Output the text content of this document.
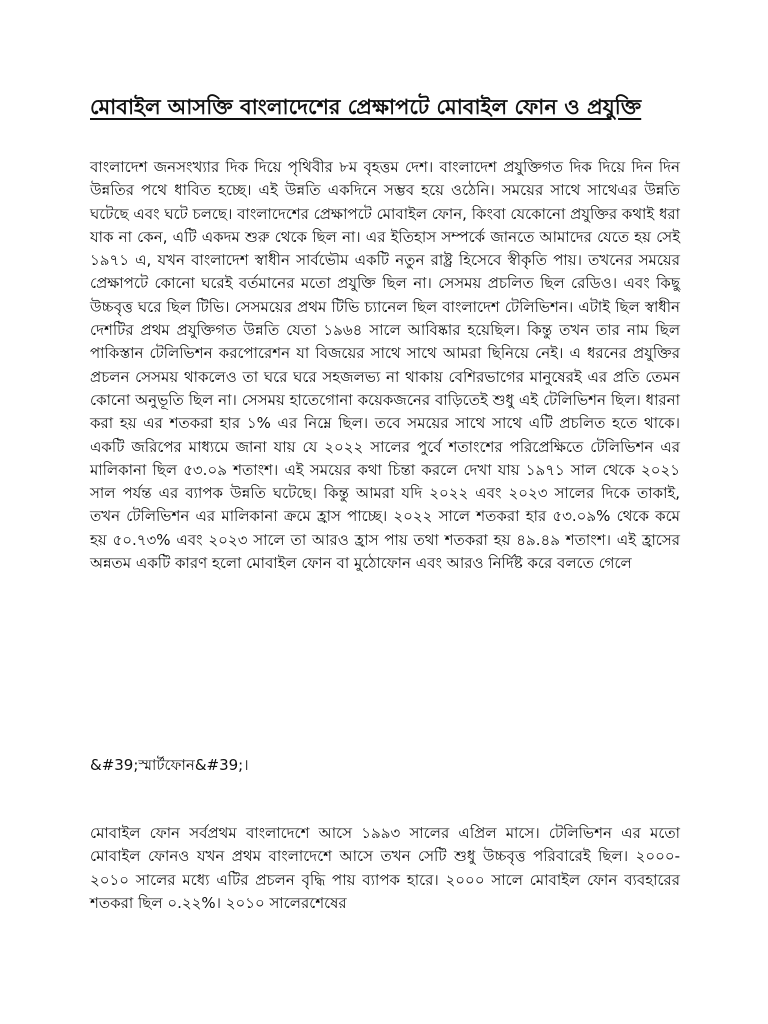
মোবাইল আসক্তি বাংলাদেশের প্রেক্ষাপটে মোবাইল ফোন ও প্রযুক্তি

বাংলাদেশ জনসংখ্যার দিক দিয়ে পৃথিবীর ৮ম বৃহত্তম দেশ। বাংলাদেশ প্রযুক্তিগত দিক দিয়ে দিন দিন উন্নতির পথে ধাবিত হচ্ছে। এই উন্নতি একদিনে সম্ভব হয়ে ওঠেনি। সময়ের সাথে সাথেএর উন্নতি ঘটেছে এবং ঘটে চলছে। বাংলাদেশের প্রেক্ষাপটে মোবাইল ফোন, কিংবা যেকোনো প্রযুক্তির কথাই ধরা যাক না কেন, এটি একদম শুরু থেকে ছিল না। এর ইতিহাস সম্পর্কে জানতে আমাদের যেতে হয় সেই ১৯৭১ এ, যখন বাংলাদেশ স্বাধীন সার্বভৌম একটি নতুন রাষ্ট্র হিসেবে স্বীকৃতি পায়। তখনের সময়ের প্রেক্ষাপটে কোনো ঘরেই বর্তমানের মতো প্রযুক্তি ছিল না। সেসময় প্রচলিত ছিল রেডিও। এবং কিছু উচ্চবৃত্ত ঘরে ছিল টিভি। সেসময়ের প্রথম টিভি চ্যানেল ছিল বাংলাদেশ টেলিভিশন। এটাই ছিল স্বাধীন দেশটির প্রথম প্রযুক্তিগত উন্নতি যেতা ১৯৬৪ সালে আবিষ্কার হয়েছিল। কিন্তু তখন তার নাম ছিল পাকিস্তান টেলিভিশন করপোরেশন যা বিজয়ের সাথে সাথে আমরা ছিনিয়ে নেই। এ ধরনের প্রযুক্তির প্রচলন সেসময় থাকলেও তা ঘরে ঘরে সহজলভ্য না থাকায় বেশিরভাগের মানুষেরই এর প্রতি তেমন কোনো অনুভূতি ছিল না। সেসময় হাতেগোনা কয়েকজনের বাড়িতেই শুধু এই টেলিভিশন ছিল। ধারনা করা হয় এর শতকরা হার ১% এর নিম্নে ছিল। তবে সময়ের সাথে সাথে এটি প্রচলিত হতে থাকে। একটি জরিপের মাধ্যমে জানা যায় যে ২০২২ সালের পুর্বে শতাংশের পরিপ্রেক্ষিতে টেলিভিশন এর মালিকানা ছিল ৫৩.০৯ শতাংশ। এই সময়ের কথা চিন্তা করলে দেখা যায় ১৯৭১ সাল থেকে ২০২১ সাল পর্যন্ত এর ব্যাপক উন্নতি ঘটেছে। কিন্তু আমরা যদি ২০২২ এবং ২০২৩ সালের দিকে তাকাই, তখন টেলিভিশন এর মালিকানা ক্রমে হ্রাস পাচ্ছে। ২০২২ সালে শতকরা হার ৫৩.০৯% থেকে কমে হয় ৫০.৭৩% এবং ২০২৩ সালে তা আরও হ্রাস পায় তথা শতকরা হয় ৪৯.৪৯ শতাংশ। এই হ্রাসের অন্নতম একটি কারণ হলো মোবাইল ফোন বা মুঠোফোন এবং আরও নির্দিষ্ট করে বলতে গেলে

&#39;স্মার্টফোন&#39;।

মোবাইল ফোন সর্বপ্রথম বাংলাদেশে আসে ১৯৯৩ সালের এপ্রিল মাসে। টেলিভিশন এর মতো মোবাইল ফোনও যখন প্রথম বাংলাদেশে আসে তখন সেটি শুধু উচ্চবৃত্ত পরিবারেই ছিল। ২০০০- ২০১০ সালের মধ্যে এটির প্রচলন বৃদ্ধি পায় ব্যাপক হারে। ২০০০ সালে মোবাইল ফোন ব্যবহারের শতকরা ছিল ০.২২%। ২০১০ সালেরশেষের
